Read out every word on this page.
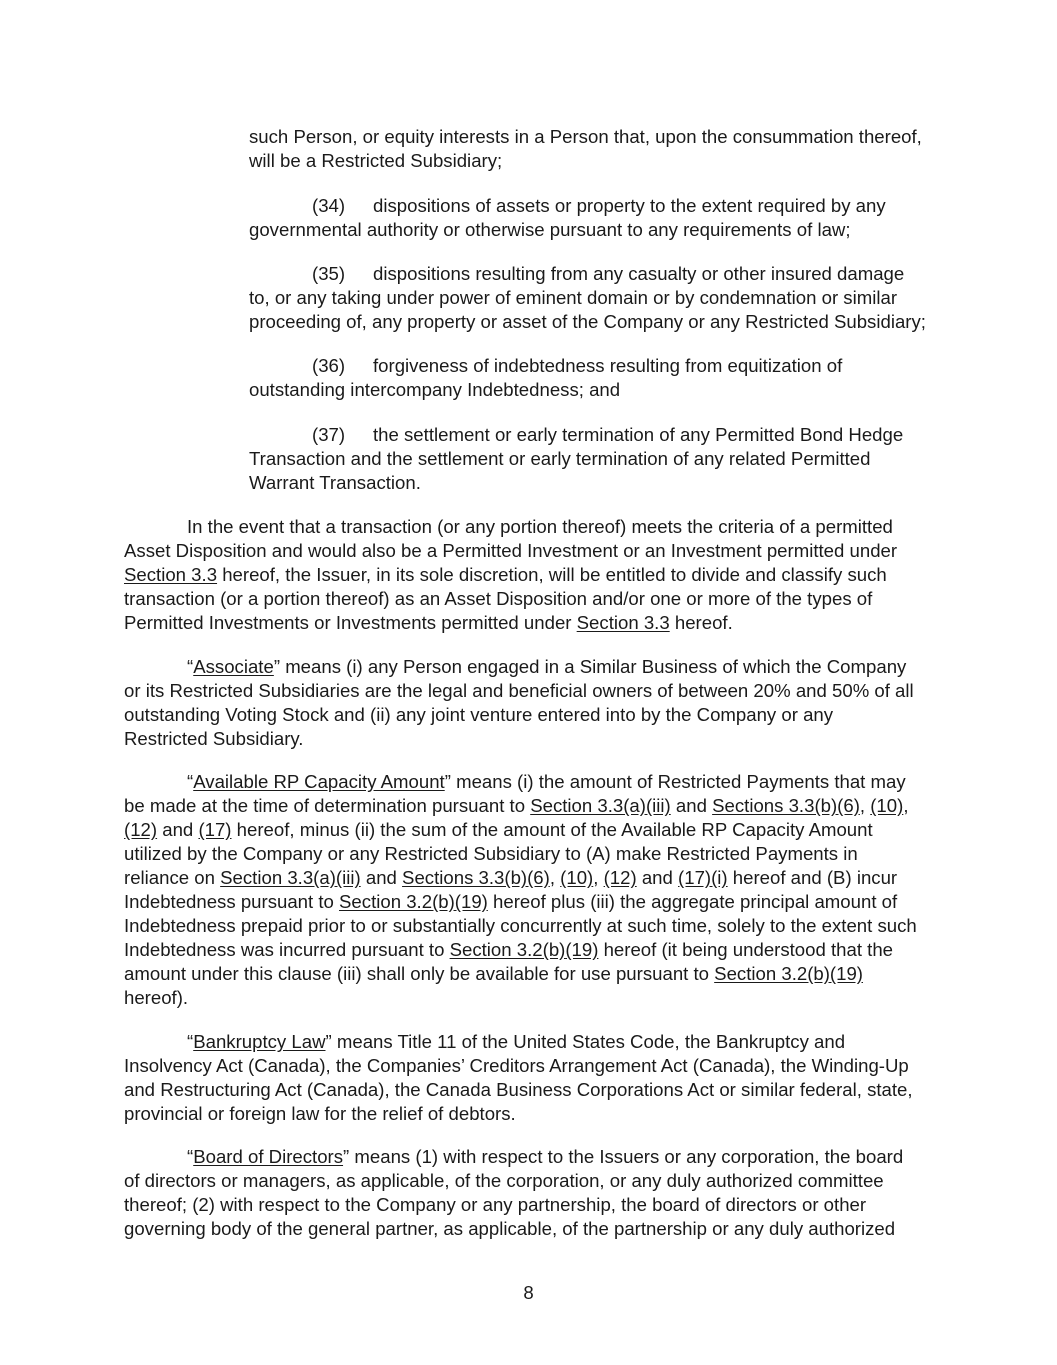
such Person, or equity interests in a Person that, upon the consummation thereof,
will be a Restricted Subsidiary;

(34) dispositions of assets or property to the extent required by any
governmental authority or otherwise pursuant to any requirements of law;

(35) dispositions resulting from any casualty or other insured damage
to, or any taking under power of eminent domain or by condemnation or similar
proceeding of, any property or asset of the Company or any Restricted Subsidiary;

(36) forgiveness of indebtedness resulting from equitization of
outstanding intercompany Indebtedness; and

(37) the settlement or early termination of any Permitted Bond Hedge
Transaction and the settlement or early termination of any related Permitted
Warrant Transaction.

In the event that a transaction (or any portion thereof) meets the criteria of a permitted
Asset Disposition and would also be a Permitted Investment or an Investment permitted under
Section 3.3 hereof, the Issuer, in its sole discretion, will be entitled to divide and classify such
transaction (or a portion thereof) as an Asset Disposition and/or one or more of the types of
Permitted Investments or Investments permitted under Section 3.3 hereof.

“Associate” means (i) any Person engaged in a Similar Business of which the Company
or its Restricted Subsidiaries are the legal and beneficial owners of between 20% and 50% of all
outstanding Voting Stock and (ii) any joint venture entered into by the Company or any
Restricted Subsidiary.

“Available RP Capacity Amount” means (i) the amount of Restricted Payments that may
be made at the time of determination pursuant to Section 3.3(a)(iii) and Sections 3.3(b)(6), (10),
(12) and (17) hereof, minus (ii) the sum of the amount of the Available RP Capacity Amount
utilized by the Company or any Restricted Subsidiary to (A) make Restricted Payments in
reliance on Section 3.3(a)(iii) and Sections 3.3(b)(6), (10), (12) and (17)(i) hereof and (B) incur
Indebtedness pursuant to Section 3.2(b)(19) hereof plus (iii) the aggregate principal amount of
Indebtedness prepaid prior to or substantially concurrently at such time, solely to the extent such
Indebtedness was incurred pursuant to Section 3.2(b)(19) hereof (it being understood that the
amount under this clause (iii) shall only be available for use pursuant to Section 3.2(b)(19)
hereof).

“Bankruptcy Law” means Title 11 of the United States Code, the Bankruptcy and
Insolvency Act (Canada), the Companies’ Creditors Arrangement Act (Canada), the Winding-Up
and Restructuring Act (Canada), the Canada Business Corporations Act or similar federal, state,
provincial or foreign law for the relief of debtors.

“Board of Directors” means (1) with respect to the Issuers or any corporation, the board
of directors or managers, as applicable, of the corporation, or any duly authorized committee
thereof; (2) with respect to the Company or any partnership, the board of directors or other
governing body of the general partner, as applicable, of the partnership or any duly authorized

8
